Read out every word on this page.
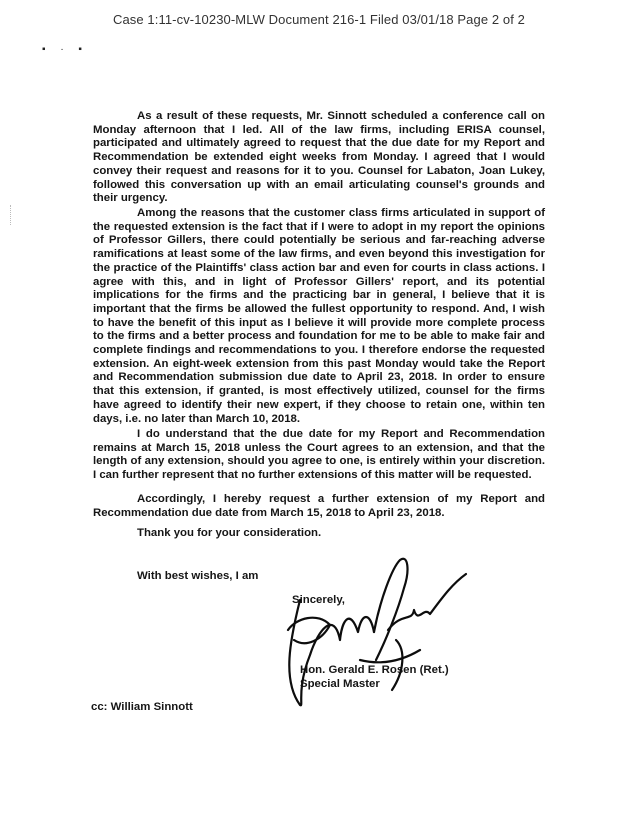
Case 1:11-cv-10230-MLW Document 216-1 Filed 03/01/18 Page 2 of 2
▪ · ▪

As a result of these requests, Mr. Sinnott scheduled a conference call on Monday afternoon that I led. All of the law firms, including ERISA counsel, participated and ultimately agreed to request that the due date for my Report and Recommendation be extended eight weeks from Monday. I agreed that I would convey their request and reasons for it to you. Counsel for Labaton, Joan Lukey, followed this conversation up with an email articulating counsel's grounds and their urgency.

Among the reasons that the customer class firms articulated in support of the requested extension is the fact that if I were to adopt in my report the opinions of Professor Gillers, there could potentially be serious and far-reaching adverse ramifications at least some of the law firms, and even beyond this investigation for the practice of the Plaintiffs' class action bar and even for courts in class actions. I agree with this, and in light of Professor Gillers' report, and its potential implications for the firms and the practicing bar in general, I believe that it is important that the firms be allowed the fullest opportunity to respond. And, I wish to have the benefit of this input as I believe it will provide more complete process to the firms and a better process and foundation for me to be able to make fair and complete findings and recommendations to you. I therefore endorse the requested extension. An eight-week extension from this past Monday would take the Report and Recommendation submission due date to April 23, 2018. In order to ensure that this extension, if granted, is most effectively utilized, counsel for the firms have agreed to identify their new expert, if they choose to retain one, within ten days, i.e. no later than March 10, 2018.

I do understand that the due date for my Report and Recommendation remains at March 15, 2018 unless the Court agrees to an extension, and that the length of any extension, should you agree to one, is entirely within your discretion. I can further represent that no further extensions of this matter will be requested.

Accordingly, I hereby request a further extension of my Report and Recommendation due date from March 15, 2018 to April 23, 2018.

Thank you for your consideration.
With best wishes, I am
Sincerely,
Hon. Gerald E. Rosen (Ret.)
Special Master
cc: William Sinnott
